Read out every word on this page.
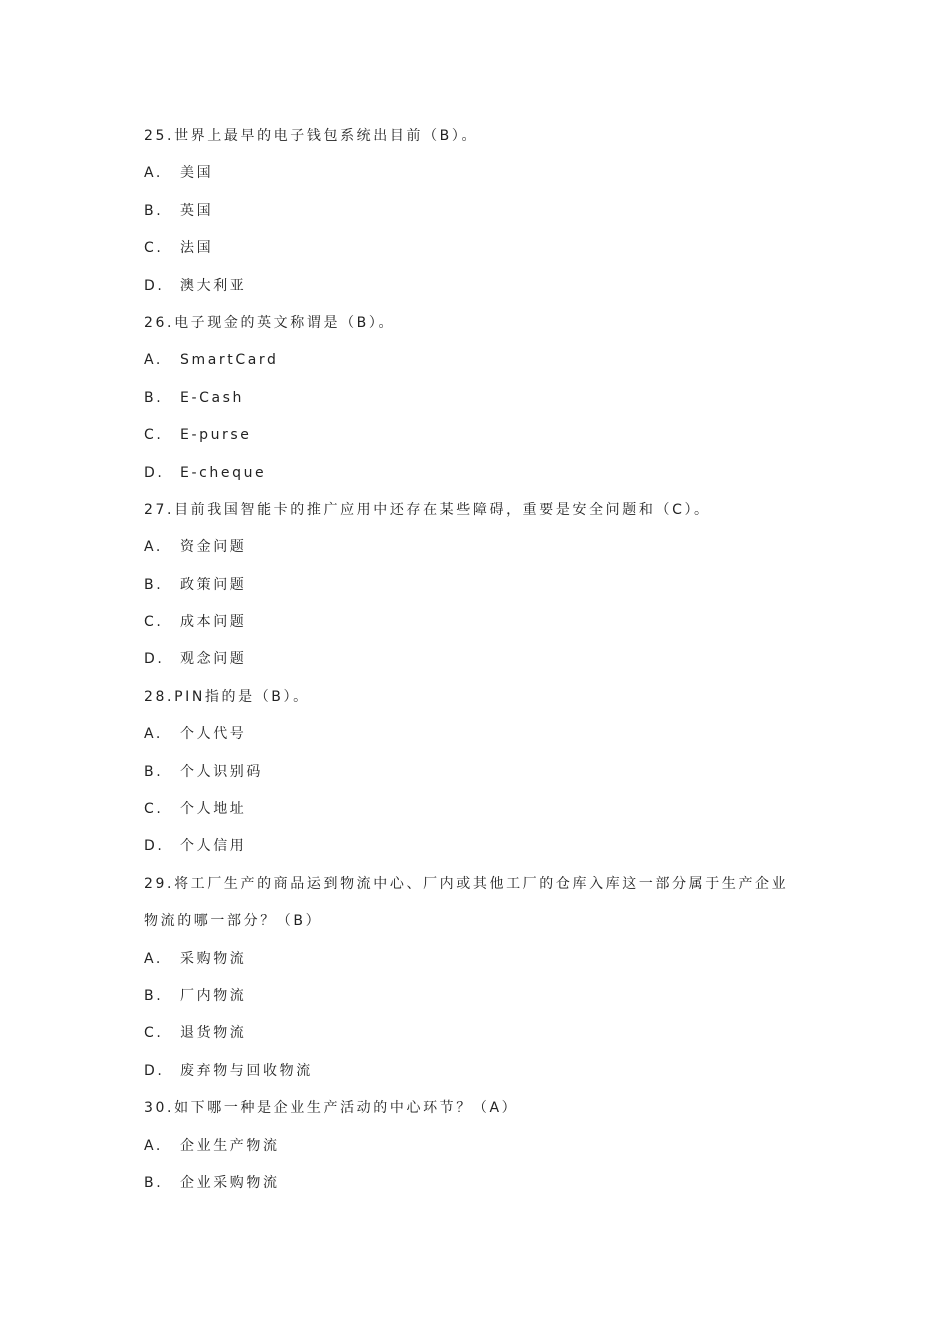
25.世界上最早的电子钱包系统出目前（B）。
A. 美国
B. 英国
C. 法国
D. 澳大利亚
26.电子现金的英文称谓是（B）。
A. SmartCard
B. E-Cash
C. E-purse
D. E-cheque
27.目前我国智能卡的推广应用中还存在某些障碍，重要是安全问题和（C）。
A. 资金问题
B. 政策问题
C. 成本问题
D. 观念问题
28.PIN指的是（B）。
A. 个人代号
B. 个人识别码
C. 个人地址
D. 个人信用
29.将工厂生产的商品运到物流中心、厂内或其他工厂的仓库入库这一部分属于生产企业
物流的哪一部分？（B）
A. 采购物流
B. 厂内物流
C. 退货物流
D. 废弃物与回收物流
30.如下哪一种是企业生产活动的中心环节？（A）
A. 企业生产物流
B. 企业采购物流
